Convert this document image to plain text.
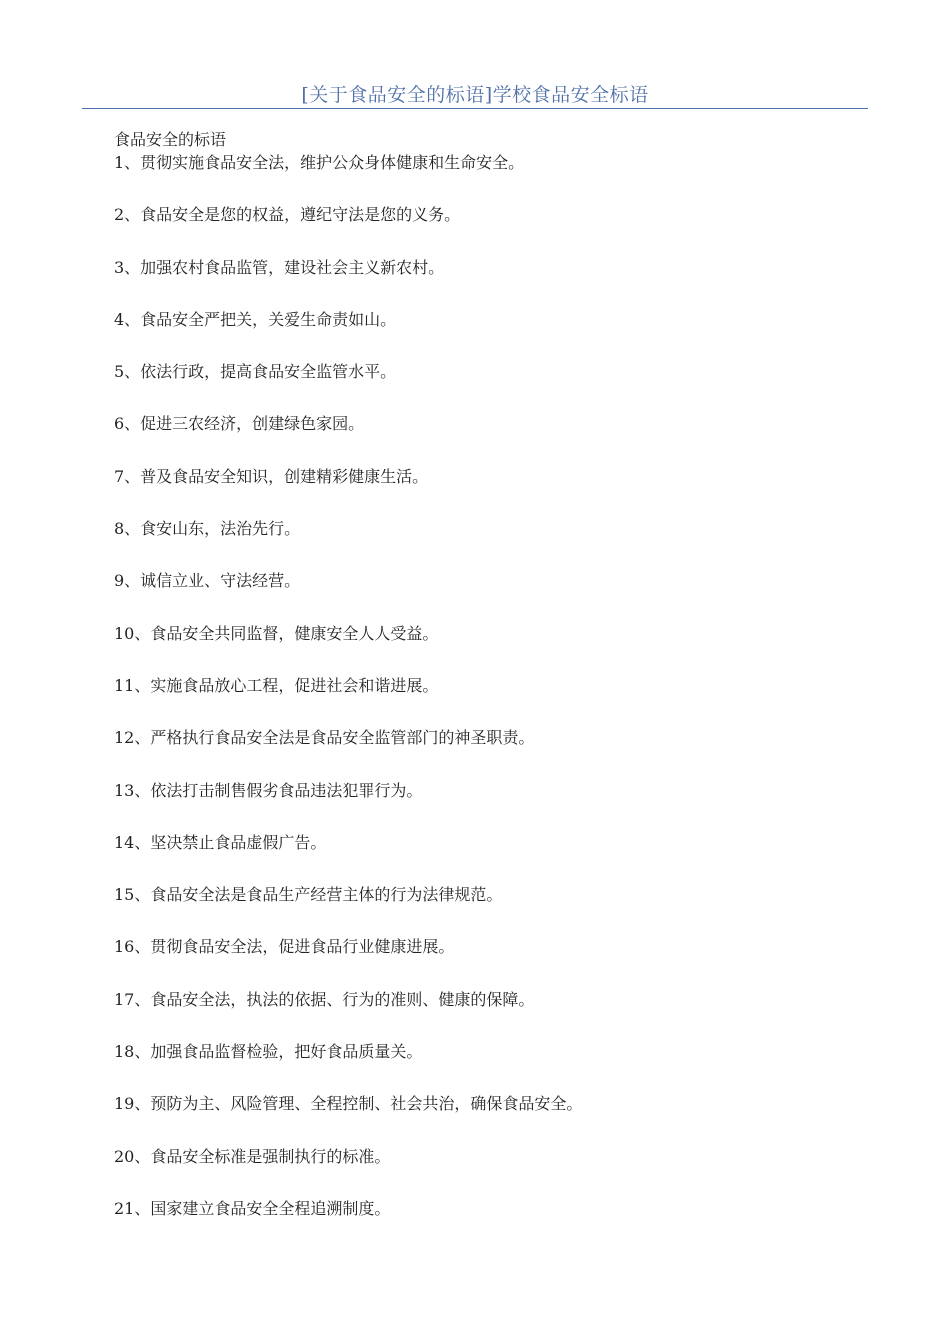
[关于食品安全的标语]学校食品安全标语
食品安全的标语
1、贯彻实施食品安全法，维护公众身体健康和生命安全。
2、食品安全是您的权益，遵纪守法是您的义务。
3、加强农村食品监管，建设社会主义新农村。
4、食品安全严把关，关爱生命责如山。
5、依法行政，提高食品安全监管水平。
6、促进三农经济，创建绿色家园。
7、普及食品安全知识，创建精彩健康生活。
8、食安山东，法治先行。
9、诚信立业、守法经营。
10、食品安全共同监督，健康安全人人受益。
11、实施食品放心工程，促进社会和谐进展。
12、严格执行食品安全法是食品安全监管部门的神圣职责。
13、依法打击制售假劣食品违法犯罪行为。
14、坚决禁止食品虚假广告。
15、食品安全法是食品生产经营主体的行为法律规范。
16、贯彻食品安全法，促进食品行业健康进展。
17、食品安全法，执法的依据、行为的准则、健康的保障。
18、加强食品监督检验，把好食品质量关。
19、预防为主、风险管理、全程控制、社会共治，确保食品安全。
20、食品安全标准是强制执行的标准。
21、国家建立食品安全全程追溯制度。
